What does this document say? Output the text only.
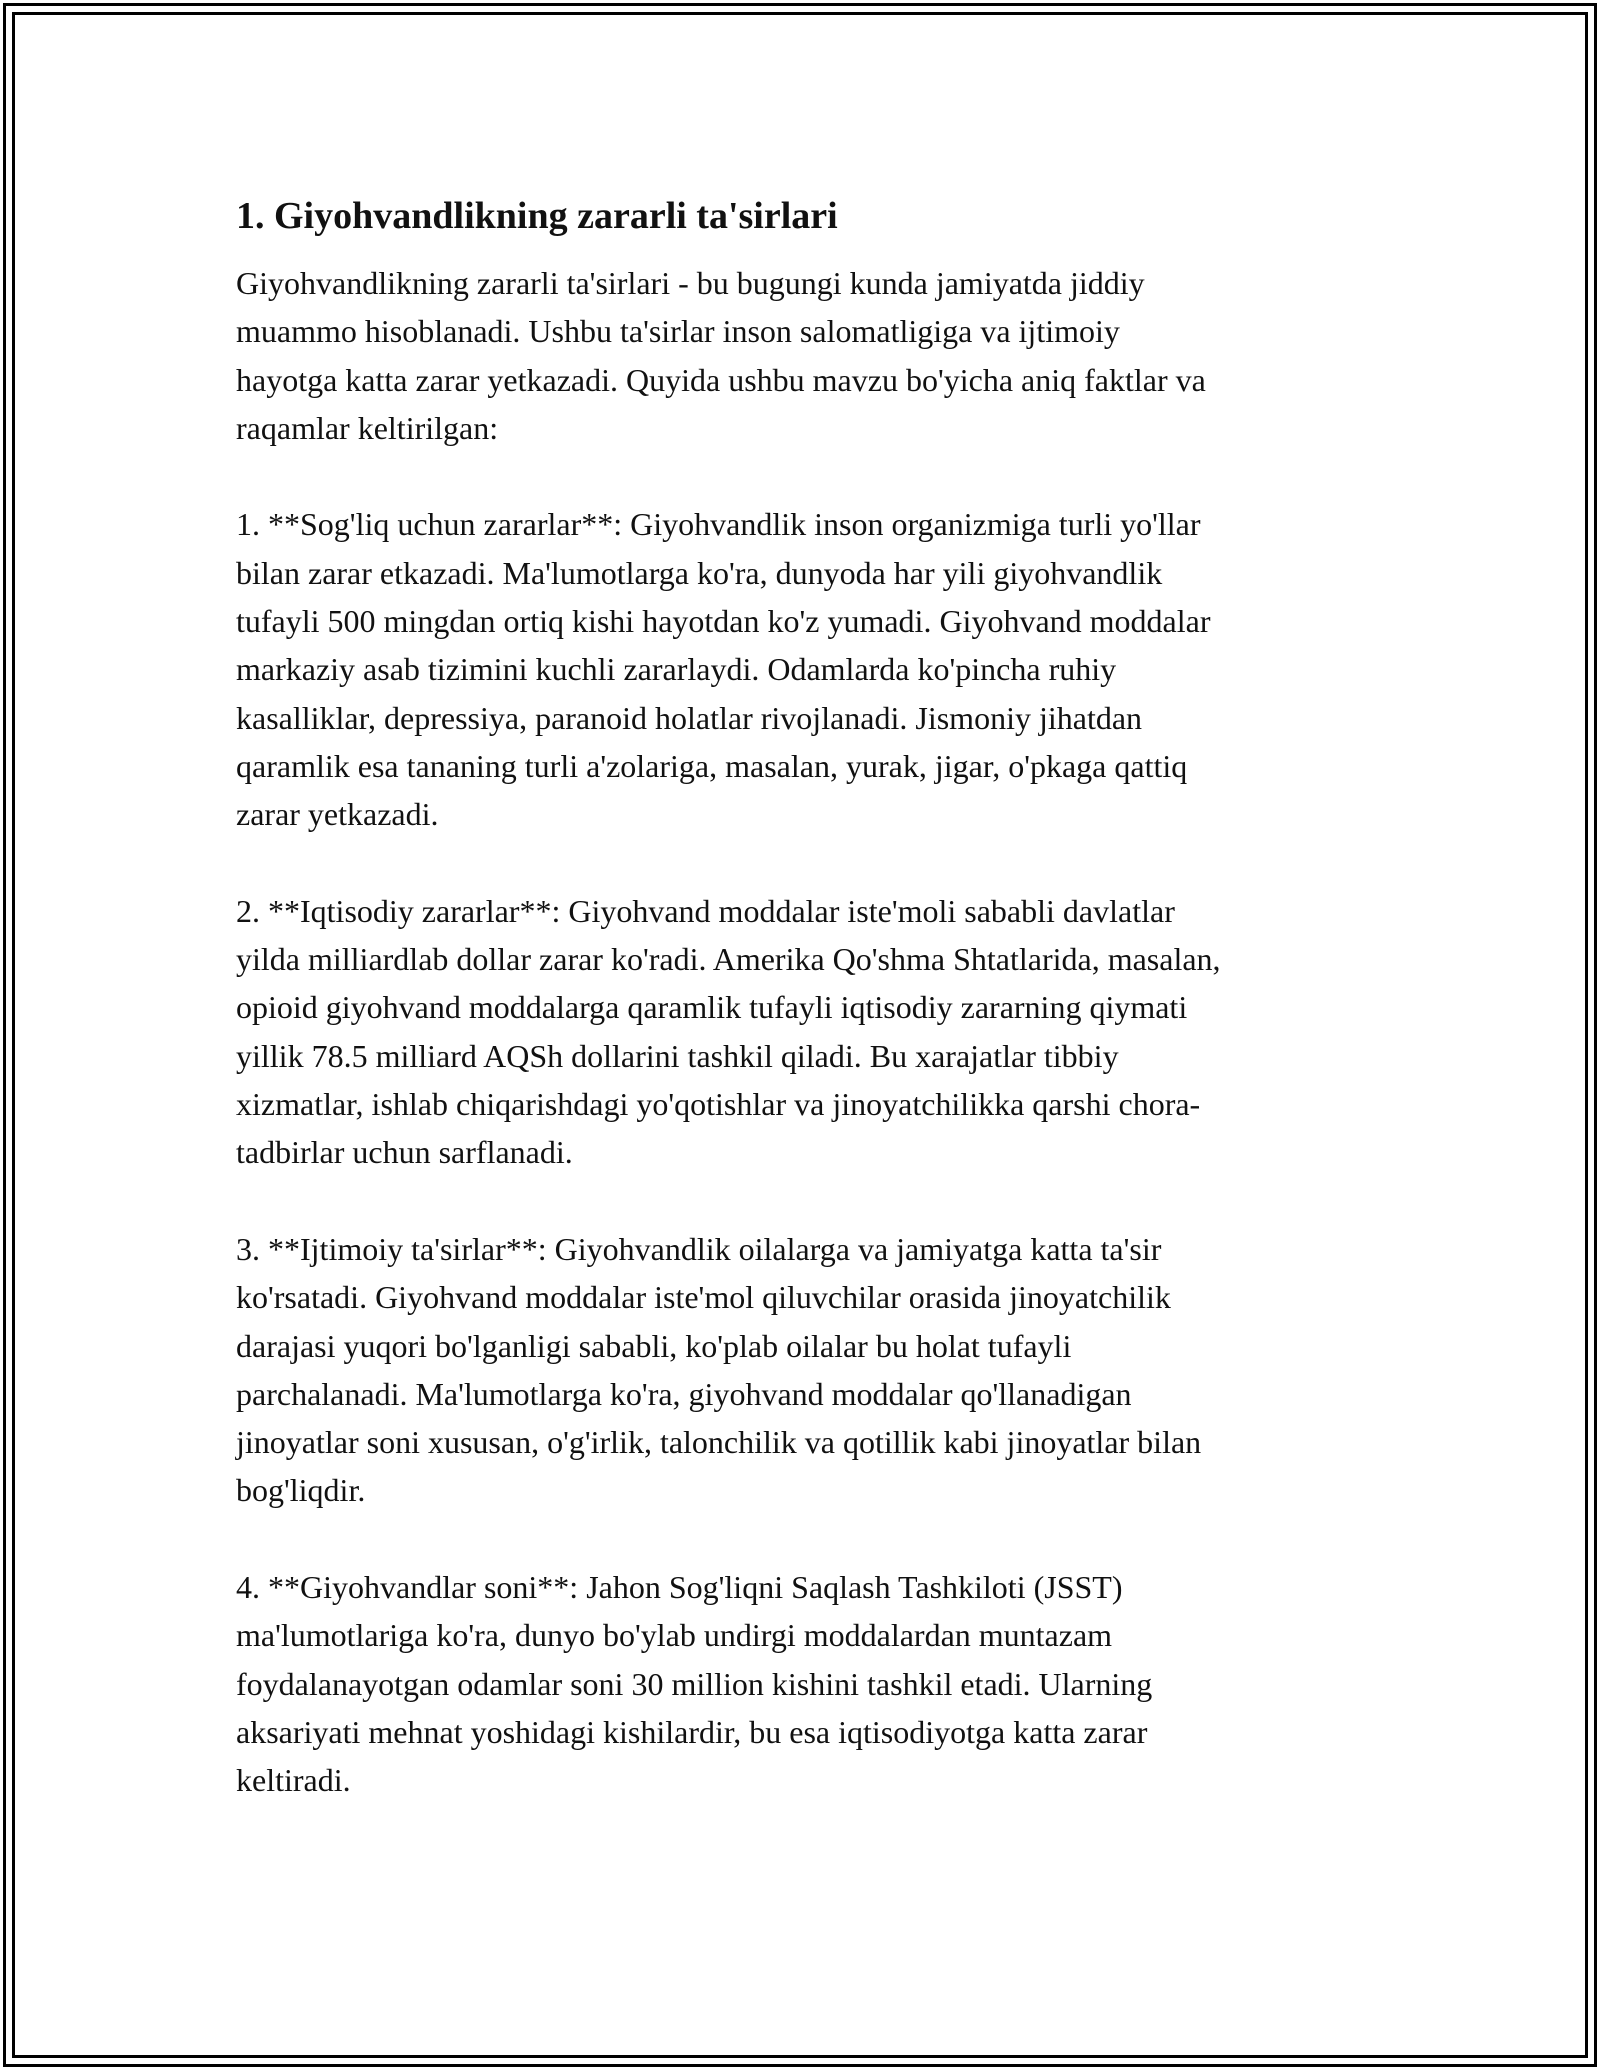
1. Giyohvandlikning zararli ta'sirlari

Giyohvandlikning zararli ta'sirlari - bu bugungi kunda jamiyatda jiddiy
muammo hisoblanadi. Ushbu ta'sirlar inson salomatligiga va ijtimoiy
hayotga katta zarar yetkazadi. Quyida ushbu mavzu bo'yicha aniq faktlar va
raqamlar keltirilgan:

1. **Sog'liq uchun zararlar**: Giyohvandlik inson organizmiga turli yo'llar
bilan zarar etkazadi. Ma'lumotlarga ko'ra, dunyoda har yili giyohvandlik
tufayli 500 mingdan ortiq kishi hayotdan ko'z yumadi. Giyohvand moddalar
markaziy asab tizimini kuchli zararlaydi. Odamlarda ko'pincha ruhiy
kasalliklar, depressiya, paranoid holatlar rivojlanadi. Jismoniy jihatdan
qaramlik esa tananing turli a'zolariga, masalan, yurak, jigar, o'pkaga qattiq
zarar yetkazadi.

2. **Iqtisodiy zararlar**: Giyohvand moddalar iste'moli sababli davlatlar
yilda milliardlab dollar zarar ko'radi. Amerika Qo'shma Shtatlarida, masalan,
opioid giyohvand moddalarga qaramlik tufayli iqtisodiy zararning qiymati
yillik 78.5 milliard AQSh dollarini tashkil qiladi. Bu xarajatlar tibbiy
xizmatlar, ishlab chiqarishdagi yo'qotishlar va jinoyatchilikka qarshi chora-
tadbirlar uchun sarflanadi.

3. **Ijtimoiy ta'sirlar**: Giyohvandlik oilalarga va jamiyatga katta ta'sir
ko'rsatadi. Giyohvand moddalar iste'mol qiluvchilar orasida jinoyatchilik
darajasi yuqori bo'lganligi sababli, ko'plab oilalar bu holat tufayli
parchalanadi. Ma'lumotlarga ko'ra, giyohvand moddalar qo'llanadigan
jinoyatlar soni xususan, o'g'irlik, talonchilik va qotillik kabi jinoyatlar bilan
bog'liqdir.

4. **Giyohvandlar soni**: Jahon Sog'liqni Saqlash Tashkiloti (JSST)
ma'lumotlariga ko'ra, dunyo bo'ylab undirgi moddalardan muntazam
foydalanayotgan odamlar soni 30 million kishini tashkil etadi. Ularning
aksariyati mehnat yoshidagi kishilardir, bu esa iqtisodiyotga katta zarar
keltiradi.
